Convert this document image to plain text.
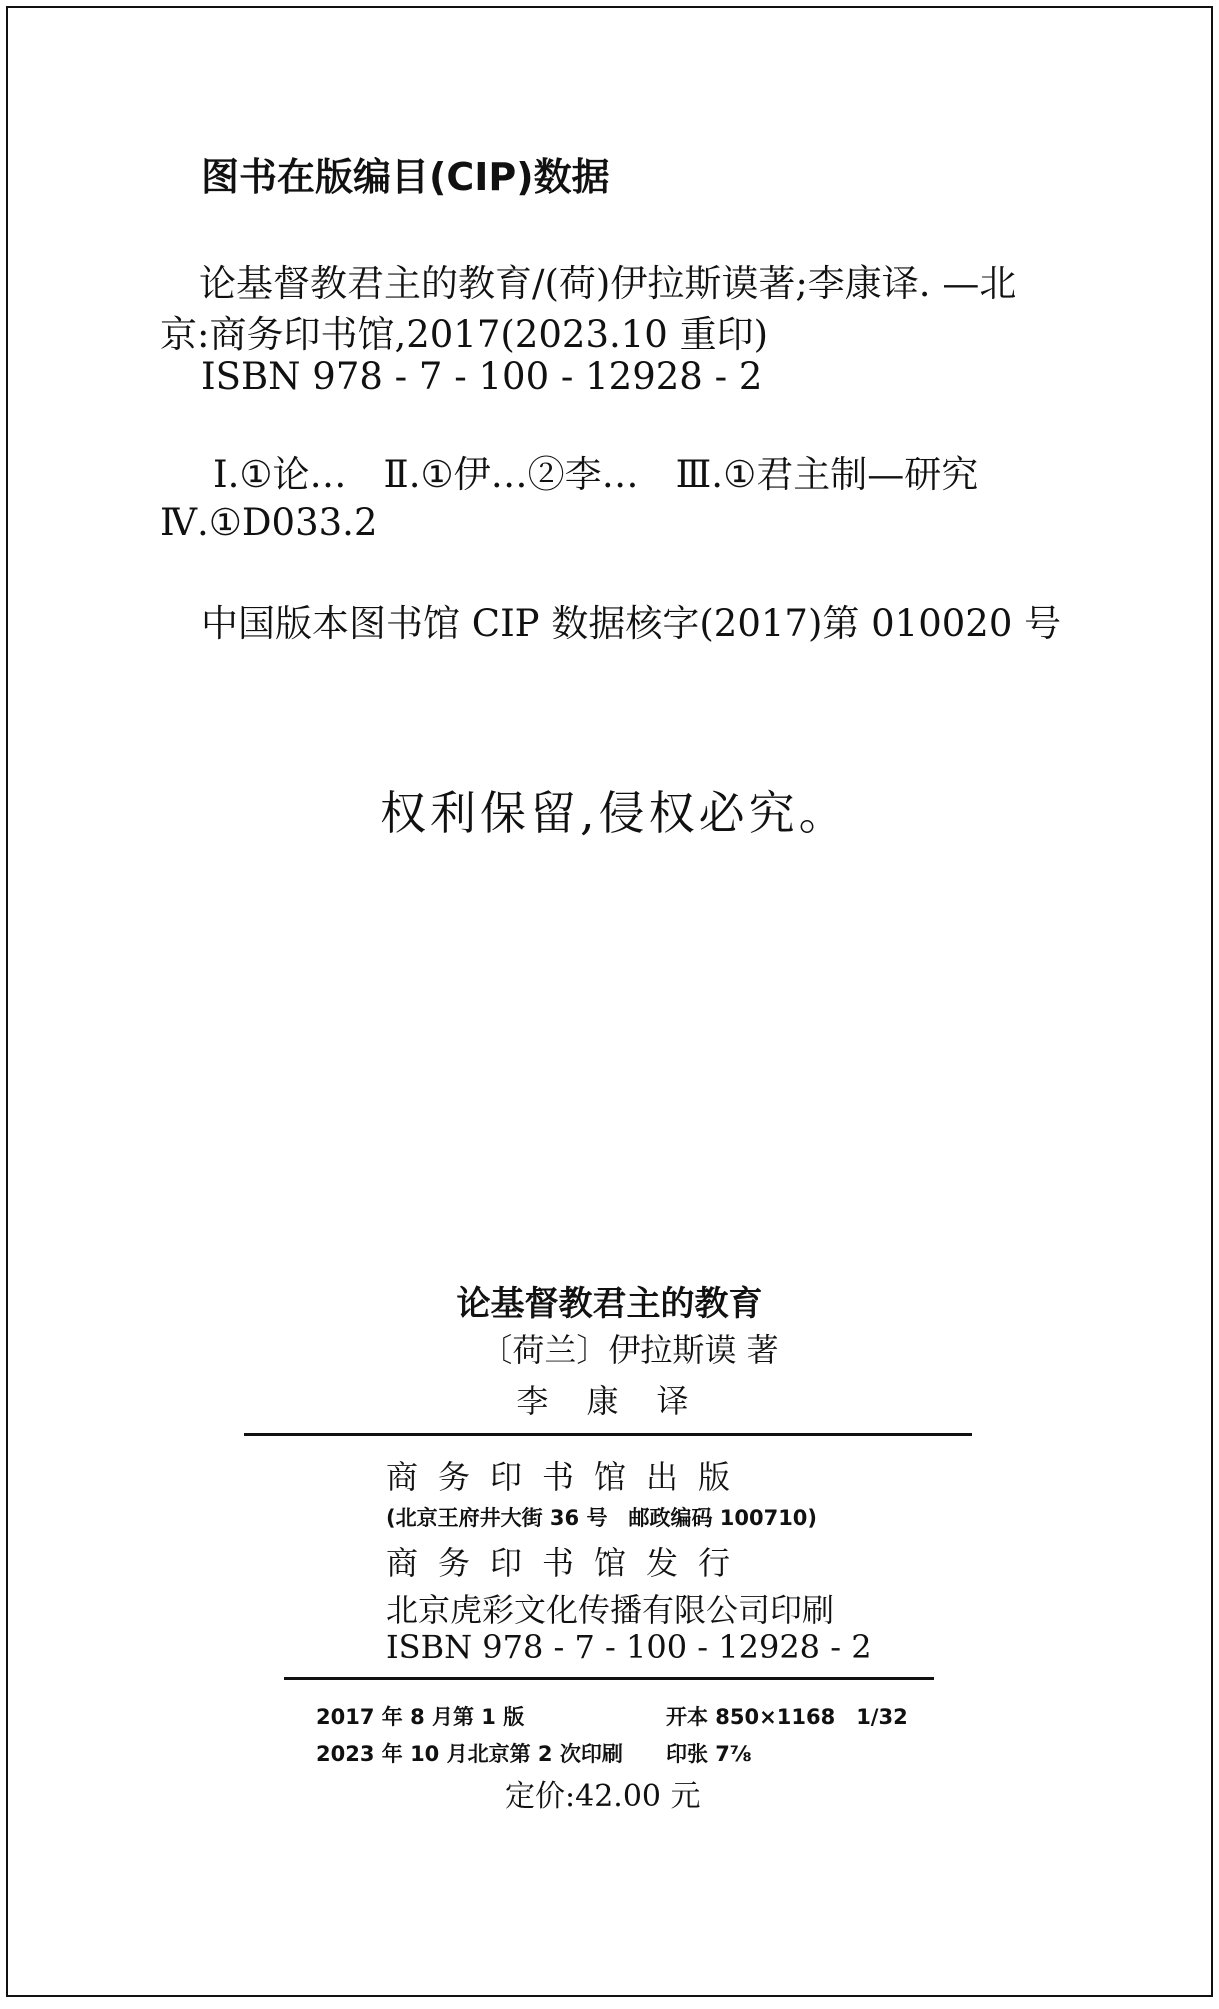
图书在版编目(CIP)数据
论基督教君主的教育/(荷)伊拉斯谟著;李康译. —北
京:商务印书馆,2017(2023.10 重印)
ISBN 978 - 7 - 100 - 12928 - 2
Ⅰ.①论…　Ⅱ.①伊…②李…　Ⅲ.①君主制—研究
Ⅳ.①D033.2
中国版本图书馆 CIP 数据核字(2017)第 010020 号
权利保留,侵权必究。
论基督教君主的教育
〔荷兰〕伊拉斯谟 著
李 康 译
商务印书馆出版
(北京王府井大街 36 号　邮政编码 100710)
商务印书馆发行
北京虎彩文化传播有限公司印刷
ISBN 978 - 7 - 100 - 12928 - 2
2017 年 8 月第 1 版	开本 850×1168　1/32
2023 年 10 月北京第 2 次印刷 印张 7⅞
定价:42.00 元
